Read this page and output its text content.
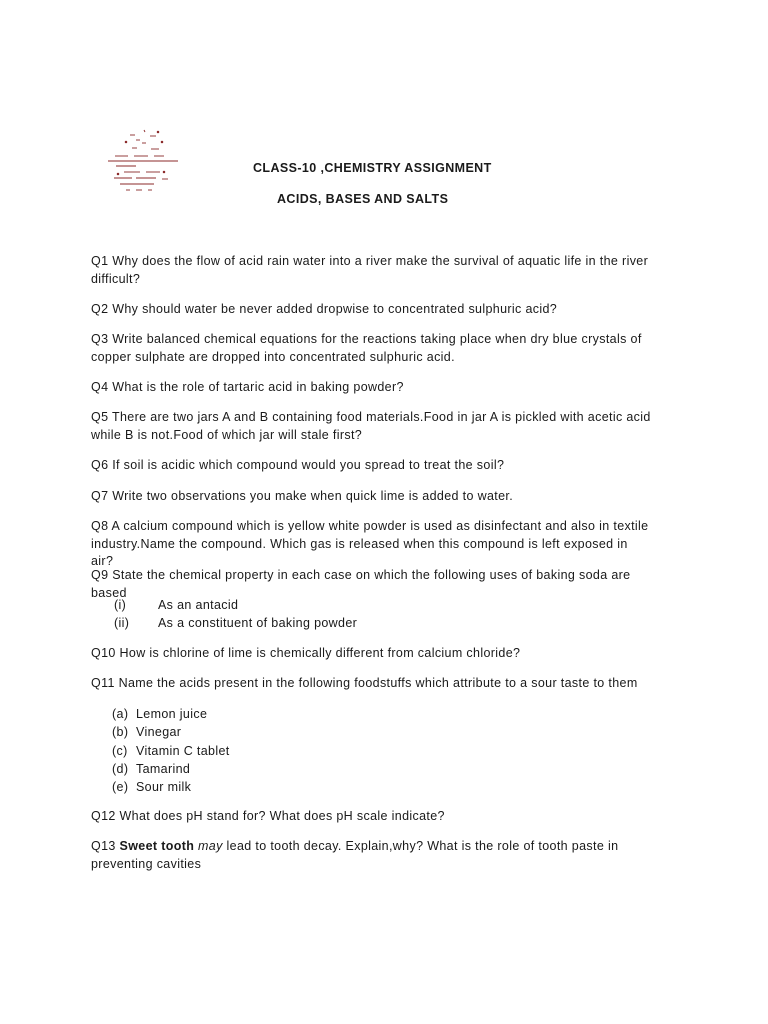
CLASS-10 ,CHEMISTRY ASSIGNMENT
ACIDS, BASES AND SALTS
Q1 Why does the flow of acid rain water into a river make the survival of aquatic life in the river difficult?
Q2 Why should water be never added dropwise to concentrated sulphuric acid?
Q3 Write balanced chemical equations for the reactions taking place when dry blue crystals of copper sulphate are dropped into concentrated sulphuric acid.
Q4 What is the role of tartaric acid in baking powder?
Q5 There are two jars A and B containing food materials.Food in jar A is pickled with acetic acid while B is not.Food of which jar will stale first?
Q6 If soil is acidic which compound would you spread to treat the soil?
Q7 Write two observations you make when quick lime is added to water.
Q8 A calcium compound which is yellow white powder is used as disinfectant and also in textile industry.Name the compound. Which gas is released when this compound is left exposed in air?
Q9 State the chemical property in each case on which the following uses of baking soda are based
(i)	As an antacid
(ii) As a constituent of baking powder
Q10 How is chlorine of lime is chemically different from calcium chloride?
Q11 Name the acids present in the following foodstuffs which attribute to a sour taste to them
(a) Lemon juice
(b) Vinegar
(c) Vitamin C tablet
(d) Tamarind
(e) Sour milk
Q12 What does pH stand for? What does pH scale indicate?
Q13 Sweet tooth may lead to tooth decay. Explain,why? What is the role of tooth paste in preventing cavities
